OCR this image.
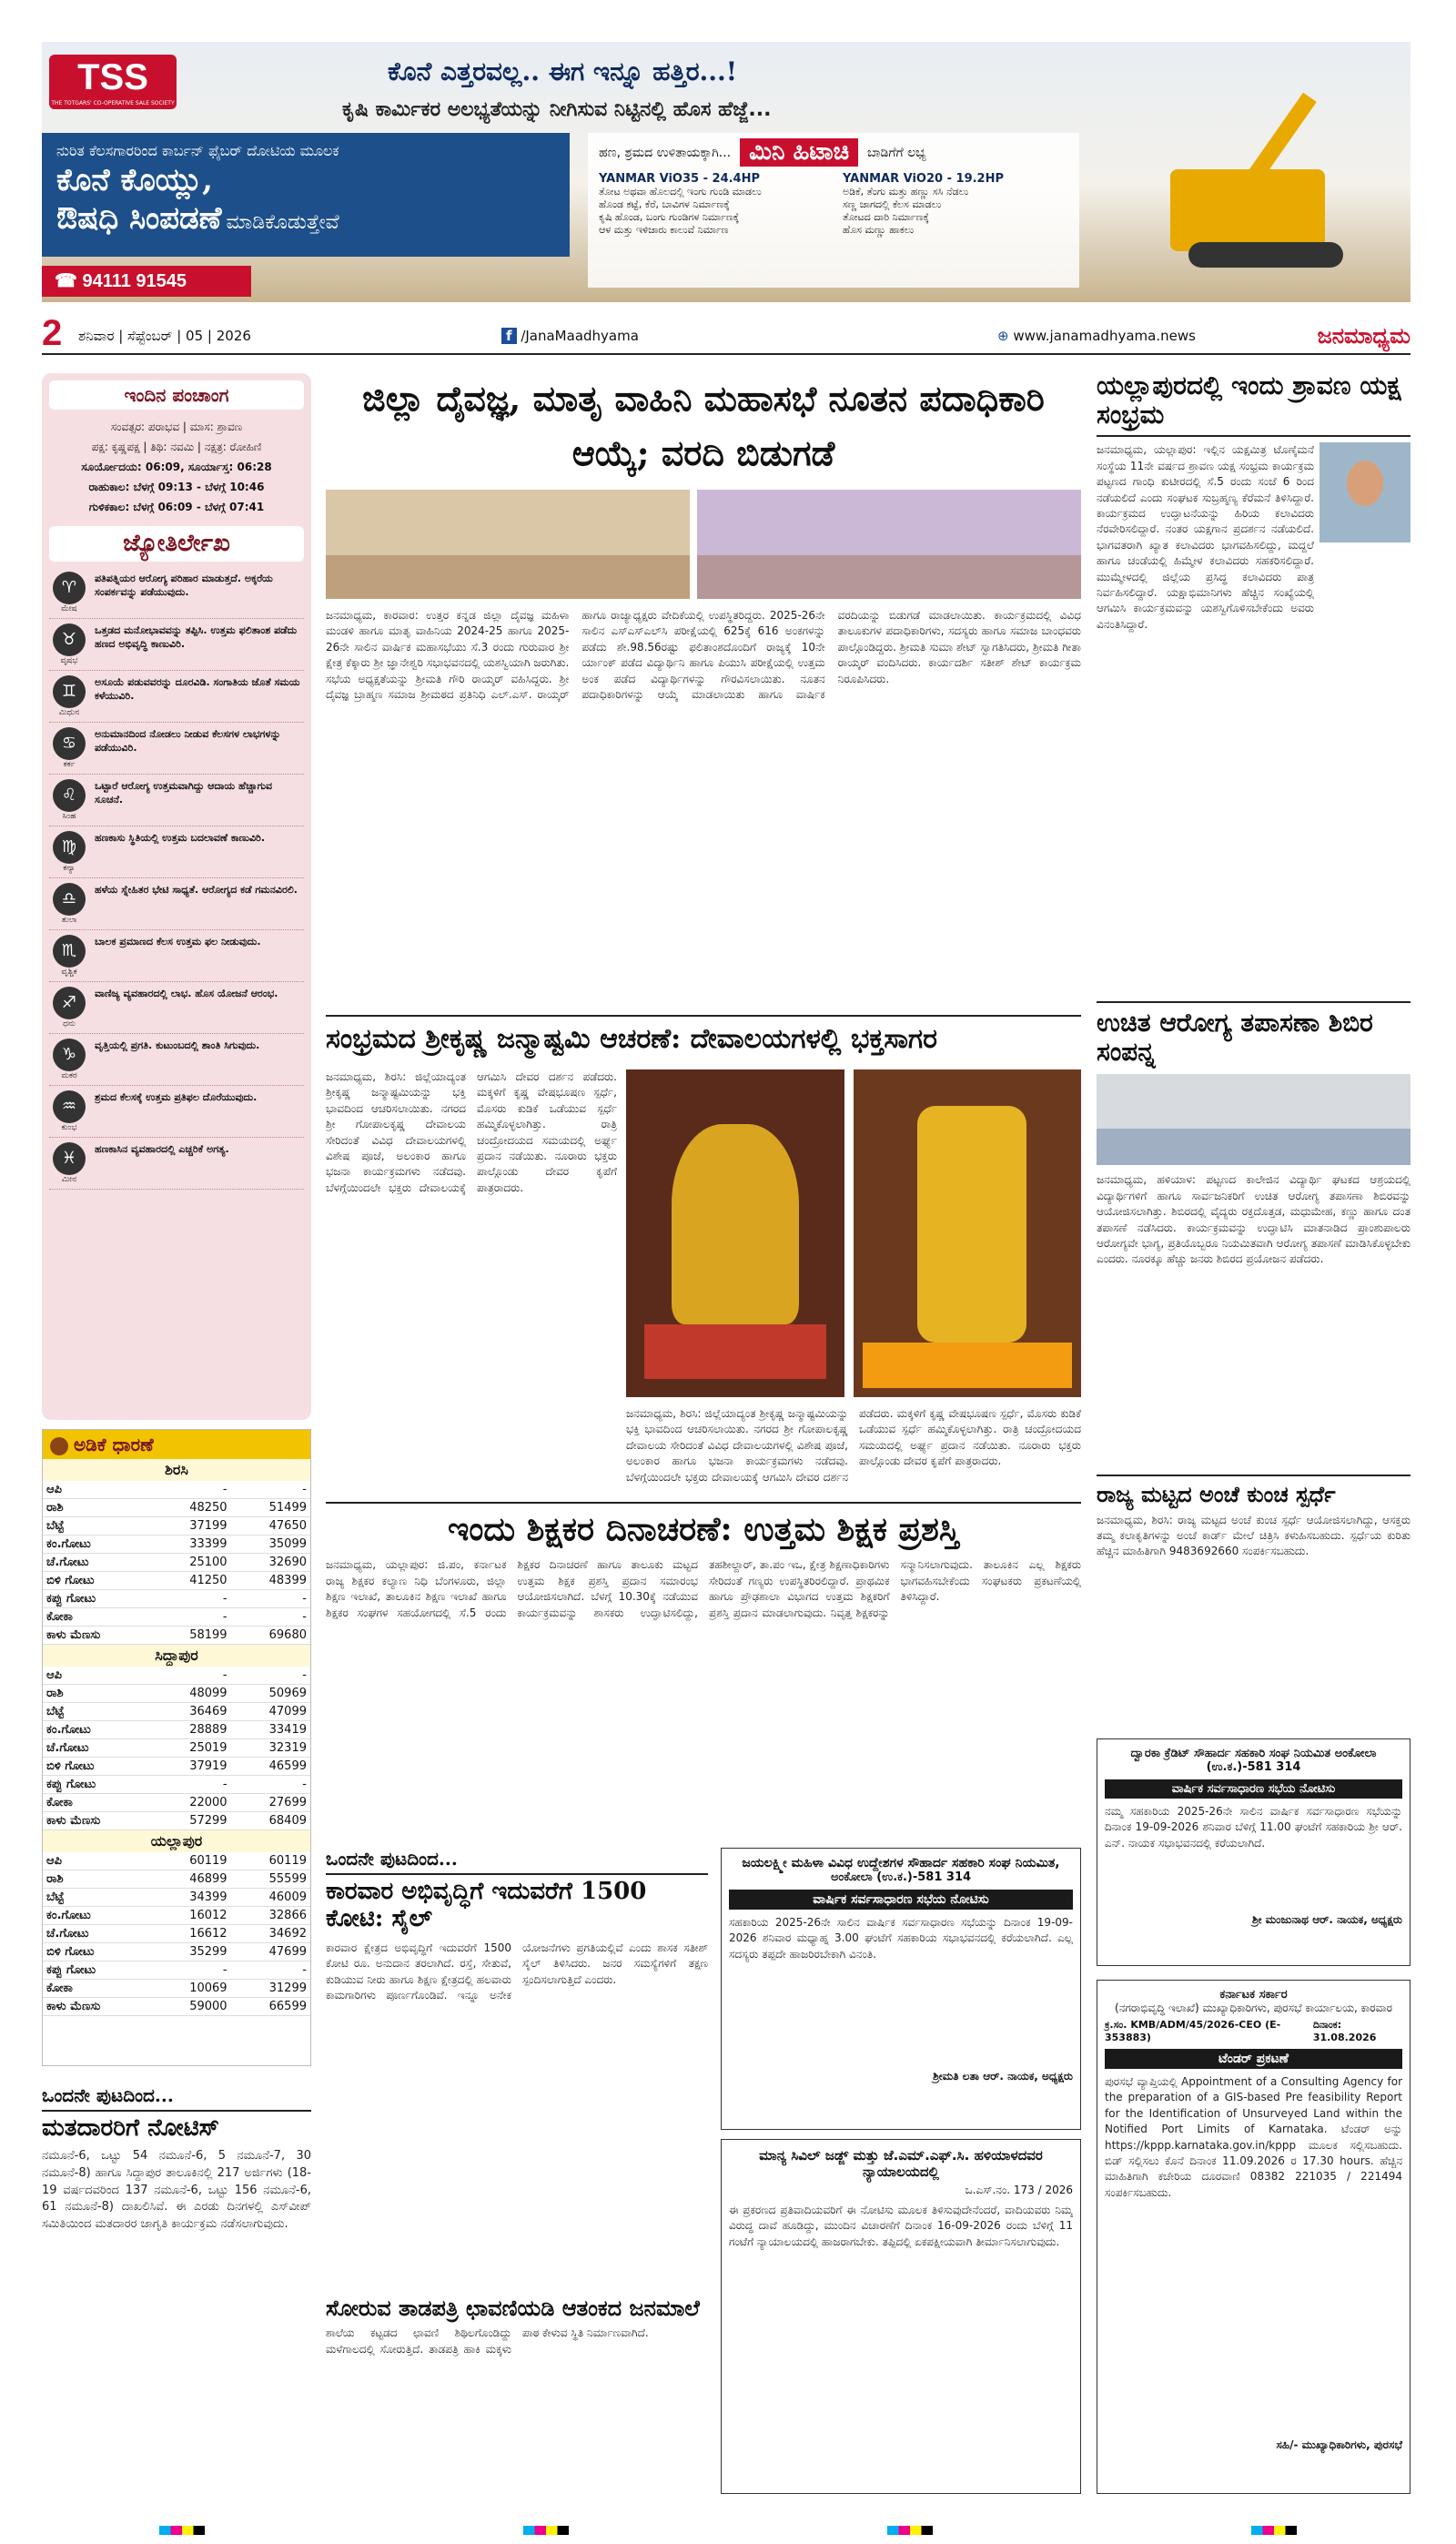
TSS
THE TOTGARS' CO-OPERATIVE SALE SOCIETY
ಕೊನೆ ಎತ್ತರವಲ್ಲ.. ಈಗ ಇನ್ನೂ ಹತ್ತಿರ...!
ಕೃಷಿ ಕಾರ್ಮಿಕರ ಅಲಭ್ಯತೆಯನ್ನು ನೀಗಿಸುವ ನಿಟ್ಟಿನಲ್ಲಿ ಹೊಸ ಹೆಜ್ಜೆ...
ನುರಿತ ಕೆಲಸಗಾರರಿಂದ ಕಾರ್ಬನ್ ಫೈಬರ್ ದೋಟಿಯ ಮೂಲಕ
ಕೊನೆ ಕೊಯ್ಲು,
ಔಷಧಿ ಸಿಂಪಡಣೆ ಮಾಡಿಕೊಡುತ್ತೇವೆ
ಹಣ, ಶ್ರಮದ ಉಳಿತಾಯಕ್ಕಾಗಿ... ಮಿನಿ ಹಿಟಾಚಿ	ಬಾಡಿಗೆಗೆ ಲಭ್ಯ
YANMAR ViO35 - 24.4HP
ತೋಟ ಅಥವಾ ಹೊಲದಲ್ಲಿ ಇಂಗು ಗುಂಡಿ ಮಾಡಲು
ಹೊಂಡ ಕಟ್ಟೆ, ಕೆರೆ, ಬಾವಿಗಳ ನಿರ್ಮಾಣಕ್ಕೆ
ಕೃಷಿ ಹೊಂಡ, ಬಂಗು ಗುಂಡಿಗಳ ನಿರ್ಮಾಣಕ್ಕೆ
ಆಳ ಮತ್ತು ಇಳಿಜಾರು ಕಾಲುವೆ ನಿರ್ಮಾಣ
YANMAR ViO20 - 19.2HP
ಅಡಿಕೆ, ತೆಂಗು ಮತ್ತು ಹಣ್ಣು ಸಸಿ ನೆಡಲು
ಸಣ್ಣ ಜಾಗದಲ್ಲಿ ಕೆಲಸ ಮಾಡಲು
ತೋಟದ ದಾರಿ ನಿರ್ಮಾಣಕ್ಕೆ
ಹೊಸ ಮಣ್ಣು ಹಾಕಲು
☎ 94111 91545
2 ಶನಿವಾರ | ಸೆಪ್ಟೆಂಬರ್ | 05 | 2026	f /JanaMaadhyama	⊕ www.janamadhyama.news	ಜನಮಾಧ್ಯಮ
ಇಂದಿನ ಪಂಚಾಂಗ
ಸಂವತ್ಸರ: ಪರಾಭವ | ಮಾಸ: ಶ್ರಾವಣ
ಪಕ್ಷ: ಕೃಷ್ಣಪಕ್ಷ | ತಿಥಿ: ನವಮಿ | ನಕ್ಷತ್ರ: ರೋಹಿಣಿ
ಸೂರ್ಯೋದಯ: 06:09, ಸೂರ್ಯಾಸ್ತ: 06:28
ರಾಹುಕಾಲ: ಬೆಳಗ್ಗೆ 09:13 - ಬೆಳಗ್ಗೆ 10:46
ಗುಳಿಕಕಾಲ: ಬೆಳಗ್ಗೆ 06:09 - ಬೆಳಗ್ಗೆ 07:41
ಜ್ಯೋತಿರ್ಲೇಖ
♈
ಮೇಷ
ಪತಿಪತ್ನಿಯರ ಆರೋಗ್ಯ ಪರಿಹಾರ ಮಾಡುತ್ತದೆ. ಅಕ್ಕರೆಯ ಸಂಪರ್ಕವನ್ನು ಪಡೆಯುವುದು.
♉
ವೃಷಭ
ಒತ್ತಡದ ಮನೋಭಾವವನ್ನು ತಪ್ಪಿಸಿ. ಉತ್ತಮ ಫಲಿತಾಂಶ ಪಡೆದು ಹಣದ ಅಭಿವೃದ್ಧಿ ಕಾಣುವಿರಿ.
♊
ಮಿಥುನ
ಅಸೂಯೆ ಪಡುವವರನ್ನು ದೂರವಿಡಿ. ಸಂಗಾತಿಯ ಜೊತೆ ಸಮಯ ಕಳೆಯುವಿರಿ.
♋
ಕರ್ಕ
ಅನುಮಾನದಿಂದ ನೋಡಲು ನೀಡುವ ಕೆಲಸಗಳ ಲಾಭಗಳನ್ನು ಪಡೆಯುವಿರಿ.
♌
ಸಿಂಹ
ಒಟ್ಟಾರೆ ಆರೋಗ್ಯ ಉತ್ತಮವಾಗಿದ್ದು ಆದಾಯ ಹೆಚ್ಚಾಗುವ ಸೂಚನೆ.
♍
ಕನ್ಯಾ
ಹಣಕಾಸು ಸ್ಥಿತಿಯಲ್ಲಿ ಉತ್ತಮ ಬದಲಾವಣೆ ಕಾಣುವಿರಿ.
♎
ತುಲಾ
ಹಳೆಯ ಸ್ನೇಹಿತರ ಭೇಟಿ ಸಾಧ್ಯತೆ. ಆರೋಗ್ಯದ ಕಡೆ ಗಮನವಿರಲಿ.
♏
ವೃಶ್ಚಿಕ
ಬಾಲಕ ಪ್ರಮಾಣದ ಕೆಲಸ ಉತ್ತಮ ಫಲ ನೀಡುವುದು.
♐
ಧನು
ವಾಣಿಜ್ಯ ವ್ಯವಹಾರದಲ್ಲಿ ಲಾಭ. ಹೊಸ ಯೋಜನೆ ಆರಂಭ.
♑
ಮಕರ
ವೃತ್ತಿಯಲ್ಲಿ ಪ್ರಗತಿ. ಕುಟುಂಬದಲ್ಲಿ ಶಾಂತಿ ಸಿಗುವುದು.
♒
ಕುಂಭ
ಶ್ರಮದ ಕೆಲಸಕ್ಕೆ ಉತ್ತಮ ಪ್ರತಿಫಲ ದೊರೆಯುವುದು.
♓
ಮೀನ
ಹಣಕಾಸಿನ ವ್ಯವಹಾರದಲ್ಲಿ ಎಚ್ಚರಿಕೆ ಅಗತ್ಯ.
ಅಡಿಕೆ ಧಾರಣೆ
ಶಿರಸಿ
ಆಪಿ	-	-
ರಾಶಿ	48250	51499
ಬೆಟ್ಟೆ	37199	47650
ಕಂ.ಗೋಟು	33399	35099
ಚೆ.ಗೋಟು	25100	32690
ಬಿಳಿ ಗೋಟು	41250	48399
ಕಪ್ಪು ಗೋಟು	-	-
ಕೋಕಾ	-	-
ಕಾಳು ಮೆಣಸು	58199	69680
ಸಿದ್ದಾಪುರ
ಆಪಿ	-	-
ರಾಶಿ	48099	50969
ಬೆಟ್ಟೆ	36469	47099
ಕಂ.ಗೋಟು	28889	33419
ಚೆ.ಗೋಟು	25019	32319
ಬಿಳಿ ಗೋಟು	37919	46599
ಕಪ್ಪು ಗೋಟು	-	-
ಕೋಕಾ	22000	27699
ಕಾಳು ಮೆಣಸು	57299	68409
ಯಲ್ಲಾಪುರ
ಆಪಿ	60119	60119
ರಾಶಿ	46899	55599
ಬೆಟ್ಟೆ	34399	46009
ಕಂ.ಗೋಟು	16012	32866
ಚೆ.ಗೋಟು	16612	34692
ಬಿಳಿ ಗೋಟು	35299	47699
ಕಪ್ಪು ಗೋಟು	-	-
ಕೋಕಾ	10069	31299
ಕಾಳು ಮೆಣಸು	59000	66599
ಒಂದನೇ ಪುಟದಿಂದ...
ಮತದಾರರಿಗೆ ನೋಟಿಸ್
ನಮೂನೆ-6, ಒಟ್ಟು 54 ನಮೂನೆ-6, 5 ನಮೂನೆ-7, 30 ನಮೂನೆ-8) ಹಾಗೂ ಸಿದ್ದಾಪುರ ತಾಲೂಕಿನಲ್ಲಿ 217 ಅರ್ಜಿಗಳು (18-19 ವರ್ಷದವರಿಂದ 137 ನಮೂನೆ-6, ಒಟ್ಟು 156 ನಮೂನೆ-6, 61 ನಮೂನೆ-8) ದಾಖಲಿಸಿವೆ. ಈ ಎರಡು ದಿನಗಳಲ್ಲಿ ಎಸ್‌ವೀಪ್ ಸಮಿತಿಯಿಂದ ಮತದಾರರ ಜಾಗೃತಿ ಕಾರ್ಯಕ್ರಮ ನಡೆಸಲಾಗುವುದು.
ಜಿಲ್ಲಾ ದೈವಜ್ಞ, ಮಾತೃ ವಾಹಿನಿ ಮಹಾಸಭೆ ನೂತನ ಪದಾಧಿಕಾರಿ ಆಯ್ಕೆ; ವರದಿ ಬಿಡುಗಡೆ
ಜನಮಾಧ್ಯಮ, ಕಾರವಾರ: ಉತ್ತರ ಕನ್ನಡ ಜಿಲ್ಲಾ ದೈವಜ್ಞ ಮಹಿಳಾ ಮಂಡಳಿ ಹಾಗೂ ಮಾತೃ ವಾಹಿನಿಯ 2024-25 ಹಾಗೂ 2025-26ನೇ ಸಾಲಿನ ವಾರ್ಷಿಕ ಮಹಾಸಭೆಯು ಸೆ.3 ರಂದು ಗುರುವಾರ ಶ್ರೀ ಕ್ಷೇತ್ರ ಕೆಕ್ಕಾರು ಶ್ರೀ ಜ್ಞಾನೇಶ್ವರಿ ಸಭಾಭವನದಲ್ಲಿ ಯಶಸ್ವಿಯಾಗಿ ಜರುಗಿತು. ಸಭೆಯ ಅಧ್ಯಕ್ಷತೆಯನ್ನು ಶ್ರೀಮತಿ ಗೌರಿ ರಾಯ್ಕರ್ ವಹಿಸಿದ್ದರು. ಶ್ರೀ ದೈವಜ್ಞ ಬ್ರಾಹ್ಮಣ ಸಮಾಜ ಶ್ರೀಮಠದ ಪ್ರತಿನಿಧಿ ಎಲ್.ಎಸ್. ರಾಯ್ಕರ್ ಹಾಗೂ ರಾಜ್ಯಾಧ್ಯಕ್ಷರು ವೇದಿಕೆಯಲ್ಲಿ ಉಪಸ್ಥಿತರಿದ್ದರು. 2025-26ನೇ ಸಾಲಿನ ಎಸ್ಎಸ್ಎಲ್‌ಸಿ ಪರೀಕ್ಷೆಯಲ್ಲಿ 625ಕ್ಕೆ 616 ಅಂಕಗಳನ್ನು ಪಡೆದು ಶೇ.98.56ರಷ್ಟು ಫಲಿತಾಂಶದೊಂದಿಗೆ ರಾಜ್ಯಕ್ಕೆ 10ನೇ ರ್ಯಾಂಕ್ ಪಡೆದ ವಿದ್ಯಾರ್ಥಿನಿ ಹಾಗೂ ಪಿಯುಸಿ ಪರೀಕ್ಷೆಯಲ್ಲಿ ಉತ್ತಮ ಅಂಕ ಪಡೆದ ವಿದ್ಯಾರ್ಥಿಗಳನ್ನು ಗೌರವಿಸಲಾಯಿತು. ನೂತನ ಪದಾಧಿಕಾರಿಗಳನ್ನು ಆಯ್ಕೆ ಮಾಡಲಾಯಿತು ಹಾಗೂ ವಾರ್ಷಿಕ ವರದಿಯನ್ನು ಬಿಡುಗಡೆ ಮಾಡಲಾಯಿತು. ಕಾರ್ಯಕ್ರಮದಲ್ಲಿ ವಿವಿಧ ತಾಲೂಕುಗಳ ಪದಾಧಿಕಾರಿಗಳು, ಸದಸ್ಯರು ಹಾಗೂ ಸಮಾಜ ಬಾಂಧವರು ಪಾಲ್ಗೊಂಡಿದ್ದರು. ಶ್ರೀಮತಿ ಸುಮಾ ಶೇಟ್ ಸ್ವಾಗತಿಸಿದರು, ಶ್ರೀಮತಿ ಗೀತಾ ರಾಯ್ಕರ್ ವಂದಿಸಿದರು. ಕಾರ್ಯದರ್ಶಿ ಸತೀಶ್ ಶೇಟ್ ಕಾರ್ಯಕ್ರಮ ನಿರೂಪಿಸಿದರು.
ಸಂಭ್ರಮದ ಶ್ರೀಕೃಷ್ಣ ಜನ್ಮಾಷ್ಟಮಿ ಆಚರಣೆ: ದೇವಾಲಯಗಳಲ್ಲಿ ಭಕ್ತಸಾಗರ
ಜನಮಾಧ್ಯಮ, ಶಿರಸಿ: ಜಿಲ್ಲೆಯಾದ್ಯಂತ ಶ್ರೀಕೃಷ್ಣ ಜನ್ಮಾಷ್ಟಮಿಯನ್ನು ಭಕ್ತಿ ಭಾವದಿಂದ ಆಚರಿಸಲಾಯಿತು. ನಗರದ ಶ್ರೀ ಗೋಪಾಲಕೃಷ್ಣ ದೇವಾಲಯ ಸೇರಿದಂತೆ ವಿವಿಧ ದೇವಾಲಯಗಳಲ್ಲಿ ವಿಶೇಷ ಪೂಜೆ, ಅಲಂಕಾರ ಹಾಗೂ ಭಜನಾ ಕಾರ್ಯಕ್ರಮಗಳು ನಡೆದವು. ಬೆಳಗ್ಗೆಯಿಂದಲೇ ಭಕ್ತರು ದೇವಾಲಯಕ್ಕೆ ಆಗಮಿಸಿ ದೇವರ ದರ್ಶನ ಪಡೆದರು. ಮಕ್ಕಳಿಗೆ ಕೃಷ್ಣ ವೇಷಭೂಷಣ ಸ್ಪರ್ಧೆ, ಮೊಸರು ಕುಡಿಕೆ ಒಡೆಯುವ ಸ್ಪರ್ಧೆ ಹಮ್ಮಿಕೊಳ್ಳಲಾಗಿತ್ತು. ರಾತ್ರಿ ಚಂದ್ರೋದಯದ ಸಮಯದಲ್ಲಿ ಅರ್ಘ್ಯ ಪ್ರದಾನ ನಡೆಯಿತು. ನೂರಾರು ಭಕ್ತರು ಪಾಲ್ಗೊಂಡು ದೇವರ ಕೃಪೆಗೆ ಪಾತ್ರರಾದರು.
ಜನಮಾಧ್ಯಮ, ಶಿರಸಿ: ಜಿಲ್ಲೆಯಾದ್ಯಂತ ಶ್ರೀಕೃಷ್ಣ ಜನ್ಮಾಷ್ಟಮಿಯನ್ನು ಭಕ್ತಿ ಭಾವದಿಂದ ಆಚರಿಸಲಾಯಿತು. ನಗರದ ಶ್ರೀ ಗೋಪಾಲಕೃಷ್ಣ ದೇವಾಲಯ ಸೇರಿದಂತೆ ವಿವಿಧ ದೇವಾಲಯಗಳಲ್ಲಿ ವಿಶೇಷ ಪೂಜೆ, ಅಲಂಕಾರ ಹಾಗೂ ಭಜನಾ ಕಾರ್ಯಕ್ರಮಗಳು ನಡೆದವು. ಬೆಳಗ್ಗೆಯಿಂದಲೇ ಭಕ್ತರು ದೇವಾಲಯಕ್ಕೆ ಆಗಮಿಸಿ ದೇವರ ದರ್ಶನ ಪಡೆದರು. ಮಕ್ಕಳಿಗೆ ಕೃಷ್ಣ ವೇಷಭೂಷಣ ಸ್ಪರ್ಧೆ, ಮೊಸರು ಕುಡಿಕೆ ಒಡೆಯುವ ಸ್ಪರ್ಧೆ ಹಮ್ಮಿಕೊಳ್ಳಲಾಗಿತ್ತು. ರಾತ್ರಿ ಚಂದ್ರೋದಯದ ಸಮಯದಲ್ಲಿ ಅರ್ಘ್ಯ ಪ್ರದಾನ ನಡೆಯಿತು. ನೂರಾರು ಭಕ್ತರು ಪಾಲ್ಗೊಂಡು ದೇವರ ಕೃಪೆಗೆ ಪಾತ್ರರಾದರು.
ಇಂದು ಶಿಕ್ಷಕರ ದಿನಾಚರಣೆ: ಉತ್ತಮ ಶಿಕ್ಷಕ ಪ್ರಶಸ್ತಿ
ಜನಮಾಧ್ಯಮ, ಯಲ್ಲಾಪುರ: ಜಿ.ಪಂ, ಕರ್ನಾಟಕ ರಾಜ್ಯ ಶಿಕ್ಷಕರ ಕಲ್ಯಾಣ ನಿಧಿ ಬೆಂಗಳೂರು, ಜಿಲ್ಲಾ ಶಿಕ್ಷಣ ಇಲಾಖೆ, ತಾಲೂಕಿನ ಶಿಕ್ಷಣ ಇಲಾಖೆ ಹಾಗೂ ಶಿಕ್ಷಕರ ಸಂಘಗಳ ಸಹಯೋಗದಲ್ಲಿ ಸೆ.5 ರಂದು ಶಿಕ್ಷಕರ ದಿನಾಚರಣೆ ಹಾಗೂ ತಾಲೂಕು ಮಟ್ಟದ ಉತ್ತಮ ಶಿಕ್ಷಕ ಪ್ರಶಸ್ತಿ ಪ್ರದಾನ ಸಮಾರಂಭ ಆಯೋಜಿಸಲಾಗಿದೆ. ಬೆಳಗ್ಗೆ 10.30ಕ್ಕೆ ನಡೆಯುವ ಕಾರ್ಯಕ್ರಮವನ್ನು ಶಾಸಕರು ಉದ್ಘಾಟಿಸಲಿದ್ದು, ತಹಶೀಲ್ದಾರ್, ತಾ.ಪಂ ಇಒ, ಕ್ಷೇತ್ರ ಶಿಕ್ಷಣಾಧಿಕಾರಿಗಳು ಸೇರಿದಂತೆ ಗಣ್ಯರು ಉಪಸ್ಥಿತರಿರಲಿದ್ದಾರೆ. ಪ್ರಾಥಮಿಕ ಹಾಗೂ ಪ್ರೌಢಶಾಲಾ ವಿಭಾಗದ ಉತ್ತಮ ಶಿಕ್ಷಕರಿಗೆ ಪ್ರಶಸ್ತಿ ಪ್ರದಾನ ಮಾಡಲಾಗುವುದು. ನಿವೃತ್ತ ಶಿಕ್ಷಕರನ್ನು ಸನ್ಮಾನಿಸಲಾಗುವುದು. ತಾಲೂಕಿನ ಎಲ್ಲ ಶಿಕ್ಷಕರು ಭಾಗವಹಿಸಬೇಕೆಂದು ಸಂಘಟಕರು ಪ್ರಕಟಣೆಯಲ್ಲಿ ತಿಳಿಸಿದ್ದಾರೆ.
ಒಂದನೇ ಪುಟದಿಂದ...
ಕಾರವಾರ ಅಭಿವೃದ್ಧಿಗೆ ಇದುವರೆಗೆ 1500 ಕೋಟಿ: ಸೈಲ್
ಕಾರವಾರ ಕ್ಷೇತ್ರದ ಅಭಿವೃದ್ಧಿಗೆ ಇದುವರೆಗೆ 1500 ಕೋಟಿ ರೂ. ಅನುದಾನ ತರಲಾಗಿದೆ. ರಸ್ತೆ, ಸೇತುವೆ, ಕುಡಿಯುವ ನೀರು ಹಾಗೂ ಶಿಕ್ಷಣ ಕ್ಷೇತ್ರದಲ್ಲಿ ಹಲವಾರು ಕಾಮಗಾರಿಗಳು ಪೂರ್ಣಗೊಂಡಿವೆ. ಇನ್ನೂ ಅನೇಕ ಯೋಜನೆಗಳು ಪ್ರಗತಿಯಲ್ಲಿವೆ ಎಂದು ಶಾಸಕ ಸತೀಶ್ ಸೈಲ್ ತಿಳಿಸಿದರು. ಜನರ ಸಮಸ್ಯೆಗಳಿಗೆ ತಕ್ಷಣ ಸ್ಪಂದಿಸಲಾಗುತ್ತಿದೆ ಎಂದರು.
ಸೋರುವ ತಾಡಪತ್ರಿ ಛಾವಣಿಯಡಿ ಆತಂಕದ ಜನಮಾಲೆ
ಶಾಲೆಯ ಕಟ್ಟಡದ ಛಾವಣಿ ಶಿಥಿಲಗೊಂಡಿದ್ದು ಮಳೆಗಾಲದಲ್ಲಿ ಸೋರುತ್ತಿದೆ. ತಾಡಪತ್ರಿ ಹಾಕಿ ಮಕ್ಕಳು ಪಾಠ ಕೇಳುವ ಸ್ಥಿತಿ ನಿರ್ಮಾಣವಾಗಿದೆ.
ಜಯಲಕ್ಷ್ಮೀ ಮಹಿಳಾ ವಿವಿಧ ಉದ್ದೇಶಗಳ ಸೌಹಾರ್ದ ಸಹಕಾರಿ ಸಂಘ ನಿಯಮಿತ,
ಅಂಕೋಲಾ (ಉ.ಕ.)-581 314
ವಾರ್ಷಿಕ ಸರ್ವಸಾಧಾರಣ ಸಭೆಯ ನೋಟಿಸು
ಸಹಕಾರಿಯ 2025-26ನೇ ಸಾಲಿನ ವಾರ್ಷಿಕ ಸರ್ವಸಾಧಾರಣ ಸಭೆಯನ್ನು ದಿನಾಂಕ 19-09-2026 ಶನಿವಾರ ಮಧ್ಯಾಹ್ನ 3.00 ಘಂಟೆಗೆ ಸಹಕಾರಿಯ ಸಭಾಭವನದಲ್ಲಿ ಕರೆಯಲಾಗಿದೆ. ಎಲ್ಲ ಸದಸ್ಯರು ತಪ್ಪದೇ ಹಾಜರಿರಬೇಕಾಗಿ ವಿನಂತಿ.
ಶ್ರೀಮತಿ ಲತಾ ಆರ್. ನಾಯಕ, ಅಧ್ಯಕ್ಷರು
ಮಾನ್ಯ ಸಿವಿಲ್ ಜಡ್ಜ್ ಮತ್ತು ಜೆ.ಎಮ್.ಎಫ್.ಸಿ. ಹಳಿಯಾಳದವರ ನ್ಯಾಯಾಲಯದಲ್ಲಿ
ಒ.ಎಸ್.ನಂ. 173 / 2026
ಈ ಪ್ರಕರಣದ ಪ್ರತಿವಾದಿಯವರಿಗೆ ಈ ನೋಟಿಸು ಮೂಲಕ ತಿಳಿಸುವುದೇನೆಂದರೆ, ವಾದಿಯವರು ನಿಮ್ಮ ವಿರುದ್ಧ ದಾವೆ ಹೂಡಿದ್ದು, ಮುಂದಿನ ವಿಚಾರಣೆಗೆ ದಿನಾಂಕ 16-09-2026 ರಂದು ಬೆಳಿಗ್ಗೆ 11 ಗಂಟೆಗೆ ನ್ಯಾಯಾಲಯದಲ್ಲಿ ಹಾಜರಾಗಬೇಕು. ತಪ್ಪಿದಲ್ಲಿ ಏಕಪಕ್ಷೀಯವಾಗಿ ತೀರ್ಮಾನಿಸಲಾಗುವುದು.
ಯಲ್ಲಾಪುರದಲ್ಲಿ ಇಂದು ಶ್ರಾವಣ ಯಕ್ಷ ಸಂಭ್ರಮ
ಜನಮಾಧ್ಯಮ, ಯಲ್ಲಾಪುರ: ಇಲ್ಲಿನ ಯಕ್ಷಮಿತ್ರ ಟೊಣ್ಕೆಮನೆ ಸಂಸ್ಥೆಯ 11ನೇ ವರ್ಷದ ಶ್ರಾವಣ ಯಕ್ಷ ಸಂಭ್ರಮ ಕಾರ್ಯಕ್ರಮ ಪಟ್ಟಣದ ಗಾಂಧಿ ಕುಟೀರದಲ್ಲಿ ಸೆ.5 ರಂದು ಸಂಜೆ 6 ರಿಂದ ನಡೆಯಲಿದೆ ಎಂದು ಸಂಘಟಕ ಸುಬ್ರಹ್ಮಣ್ಯ ಕೆರೆಮನೆ ತಿಳಿಸಿದ್ದಾರೆ. ಕಾರ್ಯಕ್ರಮದ ಉದ್ಘಾಟನೆಯನ್ನು ಹಿರಿಯ ಕಲಾವಿದರು ನೆರವೇರಿಸಲಿದ್ದಾರೆ. ನಂತರ ಯಕ್ಷಗಾನ ಪ್ರದರ್ಶನ ನಡೆಯಲಿದೆ. ಭಾಗವತರಾಗಿ ಖ್ಯಾತ ಕಲಾವಿದರು ಭಾಗವಹಿಸಲಿದ್ದು, ಮದ್ದಲೆ ಹಾಗೂ ಚಂಡೆಯಲ್ಲಿ ಹಿಮ್ಮೇಳ ಕಲಾವಿದರು ಸಹಕರಿಸಲಿದ್ದಾರೆ. ಮುಮ್ಮೇಳದಲ್ಲಿ ಜಿಲ್ಲೆಯ ಪ್ರಸಿದ್ಧ ಕಲಾವಿದರು ಪಾತ್ರ ನಿರ್ವಹಿಸಲಿದ್ದಾರೆ. ಯಕ್ಷಾಭಿಮಾನಿಗಳು ಹೆಚ್ಚಿನ ಸಂಖ್ಯೆಯಲ್ಲಿ ಆಗಮಿಸಿ ಕಾರ್ಯಕ್ರಮವನ್ನು ಯಶಸ್ವಿಗೊಳಿಸಬೇಕೆಂದು ಅವರು ವಿನಂತಿಸಿದ್ದಾರೆ.
ಉಚಿತ ಆರೋಗ್ಯ ತಪಾಸಣಾ ಶಿಬಿರ ಸಂಪನ್ನ
ಜನಮಾಧ್ಯಮ, ಹಳಿಯಾಳ: ಪಟ್ಟಣದ ಕಾಲೇಜಿನ ವಿದ್ಯಾರ್ಥಿ ಘಟಕದ ಆಶ್ರಯದಲ್ಲಿ ವಿದ್ಯಾರ್ಥಿಗಳಿಗೆ ಹಾಗೂ ಸಾರ್ವಜನಿಕರಿಗೆ ಉಚಿತ ಆರೋಗ್ಯ ತಪಾಸಣಾ ಶಿಬಿರವನ್ನು ಆಯೋಜಿಸಲಾಗಿತ್ತು. ಶಿಬಿರದಲ್ಲಿ ವೈದ್ಯರು ರಕ್ತದೊತ್ತಡ, ಮಧುಮೇಹ, ಕಣ್ಣು ಹಾಗೂ ದಂತ ತಪಾಸಣೆ ನಡೆಸಿದರು. ಕಾರ್ಯಕ್ರಮವನ್ನು ಉದ್ಘಾಟಿಸಿ ಮಾತನಾಡಿದ ಪ್ರಾಂಶುಪಾಲರು ಆರೋಗ್ಯವೇ ಭಾಗ್ಯ, ಪ್ರತಿಯೊಬ್ಬರೂ ನಿಯಮಿತವಾಗಿ ಆರೋಗ್ಯ ತಪಾಸಣೆ ಮಾಡಿಸಿಕೊಳ್ಳಬೇಕು ಎಂದರು. ನೂರಕ್ಕೂ ಹೆಚ್ಚು ಜನರು ಶಿಬಿರದ ಪ್ರಯೋಜನ ಪಡೆದರು.
ರಾಜ್ಯ ಮಟ್ಟದ ಅಂಚೆ ಕುಂಚ ಸ್ಪರ್ಧೆ
ಜನಮಾಧ್ಯಮ, ಶಿರಸಿ: ರಾಜ್ಯ ಮಟ್ಟದ ಅಂಚೆ ಕುಂಚ ಸ್ಪರ್ಧೆ ಆಯೋಜಿಸಲಾಗಿದ್ದು, ಆಸಕ್ತರು ತಮ್ಮ ಕಲಾಕೃತಿಗಳನ್ನು ಅಂಚೆ ಕಾರ್ಡ್ ಮೇಲೆ ಚಿತ್ರಿಸಿ ಕಳುಹಿಸಬಹುದು. ಸ್ಪರ್ಧೆಯ ಕುರಿತು ಹೆಚ್ಚಿನ ಮಾಹಿತಿಗಾಗಿ 9483692660 ಸಂಪರ್ಕಿಸಬಹುದು.
ದ್ವಾರಕಾ ಕ್ರೆಡಿಟ್ ಸೌಹಾರ್ದ ಸಹಕಾರಿ ಸಂಘ ನಿಯಮಿತ ಅಂಕೋಲಾ (ಉ.ಕ.)-581 314
ವಾರ್ಷಿಕ ಸರ್ವಸಾಧಾರಣ ಸಭೆಯ ನೋಟಿಸು
ನಮ್ಮ ಸಹಕಾರಿಯ 2025-26ನೇ ಸಾಲಿನ ವಾರ್ಷಿಕ ಸರ್ವಸಾಧಾರಣ ಸಭೆಯನ್ನು ದಿನಾಂಕ 19-09-2026 ಶನಿವಾರ ಬೆಳಿಗ್ಗೆ 11.00 ಘಂಟೆಗೆ ಸಹಕಾರಿಯ ಶ್ರೀ ಆರ್. ಎನ್. ನಾಯಕ ಸಭಾಭವನದಲ್ಲಿ ಕರೆಯಲಾಗಿದೆ.
ಶ್ರೀ ಮಂಜುನಾಥ ಆರ್. ನಾಯಕ, ಅಧ್ಯಕ್ಷರು
ಕರ್ನಾಟಕ ಸರ್ಕಾರ
(ನಗರಾಭಿವೃದ್ಧಿ ಇಲಾಖೆ) ಮುಖ್ಯಾಧಿಕಾರಿಗಳು, ಪುರಸಭೆ ಕಾರ್ಯಾಲಯ, ಕಾರವಾರ
ಕ್ರ.ಸಂ. KMB/ADM/45/2026-CEO (E-353883)
ದಿನಾಂಕ: 31.08.2026
ಟೆಂಡರ್ ಪ್ರಕಟಣೆ
ಪುರಸಭೆ ವ್ಯಾಪ್ತಿಯಲ್ಲಿ Appointment of a Consulting Agency for the preparation of a GIS-based Pre feasibility Report for the Identification of Unsurveyed Land within the Notified Port Limits of Karnataka. ಟೆಂಡರ್ ಅನ್ನು https://kppp.karnataka.gov.in/kppp ಮೂಲಕ ಸಲ್ಲಿಸಬಹುದು. ಬಿಡ್ ಸಲ್ಲಿಸಲು ಕೊನೆ ದಿನಾಂಕ 11.09.2026 ರ 17.30 hours. ಹೆಚ್ಚಿನ ಮಾಹಿತಿಗಾಗಿ ಕಚೇರಿಯ ದೂರವಾಣಿ 08382 221035 / 221494 ಸಂಪರ್ಕಿಸಬಹುದು.
ಸಹಿ/- ಮುಖ್ಯಾಧಿಕಾರಿಗಳು, ಪುರಸಭೆ
